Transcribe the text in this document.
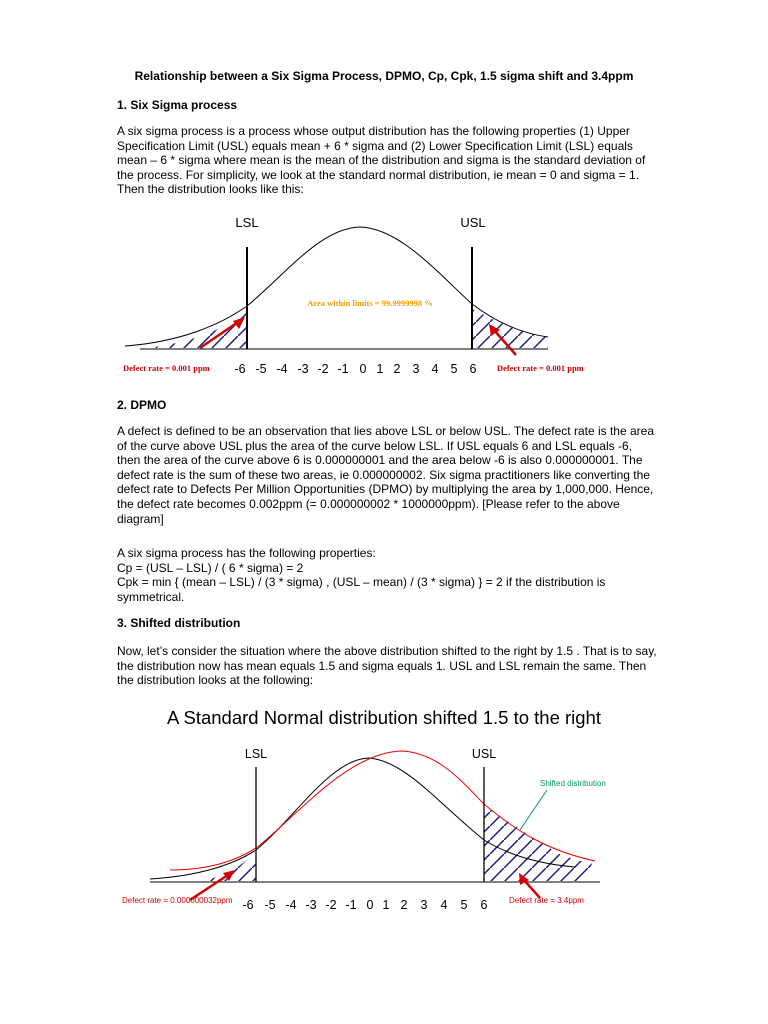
Relationship between a Six Sigma Process, DPMO, Cp, Cpk, 1.5 sigma shift and 3.4ppm
1. Six Sigma process
A six sigma process is a process whose output distribution has the following properties (1) Upper
Specification Limit (USL) equals mean + 6 * sigma and (2) Lower Specification Limit (LSL) equals
mean – 6 * sigma where mean is the mean of the distribution and sigma is the standard deviation of
the process. For simplicity, we look at the standard normal distribution, ie mean = 0 and sigma = 1.
Then the distribution looks like this:
LSL	USL
Area within limits = 99.9999998 %
Defect rate = 0.001 ppm	Defect rate = 0.001 ppm
-6 -5 -4 -3 -2 -1 0 1 2 3 4 5 6
LSL	USL
Shifted distribution
Defect rate = 0.000000032ppm	Defect rate = 3.4ppm
-6 -5 -4 -3 -2 -1 0 1 2 3 4 5 6
2. DPMO
A defect is defined to be an observation that lies above LSL or below USL. The defect rate is the area
of the curve above USL plus the area of the curve below LSL. If USL equals 6 and LSL equals -6,
then the area of the curve above 6 is 0.000000001 and the area below -6 is also 0.000000001. The
defect rate is the sum of these two areas, ie 0.000000002. Six sigma practitioners like converting the
defect rate to Defects Per Million Opportunities (DPMO) by multiplying the area by 1,000,000. Hence,
the defect rate becomes 0.002ppm (= 0.000000002 * 1000000ppm). [Please refer to the above
diagram]
A six sigma process has the following properties:
Cp = (USL – LSL) / ( 6 * sigma) = 2
Cpk = min { (mean – LSL) / (3 * sigma) , (USL – mean) / (3 * sigma) } = 2 if the distribution is
symmetrical.
3. Shifted distribution
Now, let’s consider the situation where the above distribution shifted to the right by 1.5 . That is to say,
the distribution now has mean equals 1.5 and sigma equals 1. USL and LSL remain the same. Then
the distribution looks at the following:
A Standard Normal distribution shifted 1.5 to the right
